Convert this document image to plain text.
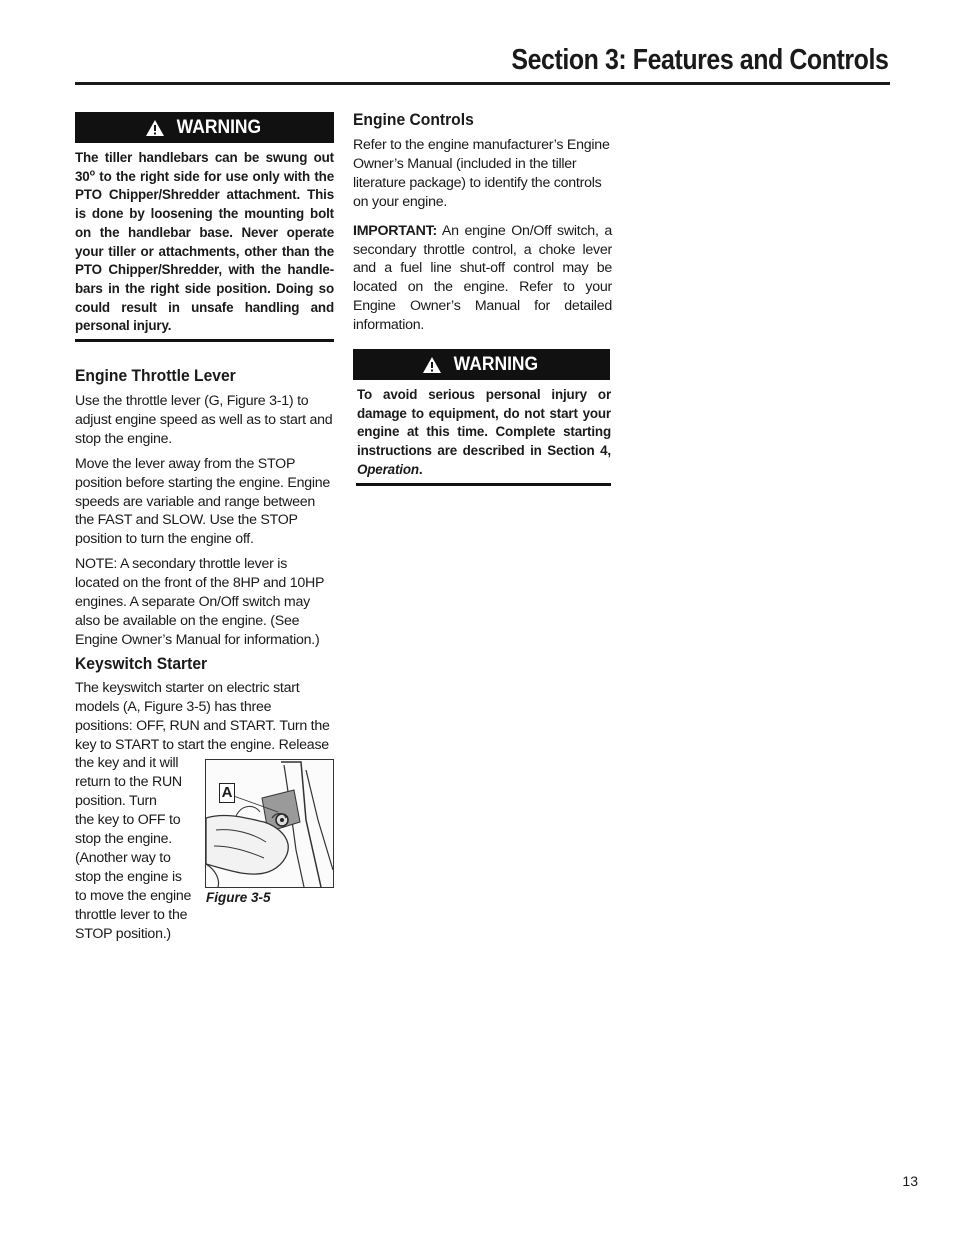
Section 3: Features and Controls
WARNING

The tiller handlebars can be swung out 30$^o$ to the right side for use only with the PTO Chipper/Shredder attachment. This is done by loosening the mounting bolt on the handlebar base. Never operate your tiller or attachments, other than the PTO Chipper/Shredder, with the handle-bars in the right side position. Doing so could result in unsafe handling and personal injury.

Engine Throttle Lever

Use the throttle lever (G, Figure 3-1) to adjust engine speed as well as to start and stop the engine.

Move the lever away from the STOP position before starting the engine. Engine speeds are variable and range between the FAST and SLOW. Use the STOP position to turn the engine off.

NOTE: A secondary throttle lever is located on the front of the 8HP and 10HP engines. A separate On/Off switch may also be available on the engine. (See Engine Owner’s Manual for information.)

Keyswitch Starter
The keyswitch starter on electric start
models (A, Figure 3-5) has three
positions: OFF, RUN and START. Turn the
key to START to start the engine. Release
the key and it will
return to the RUN
position. Turn
the key to OFF to
stop the engine.
(Another way to
stop the engine is
to move the engine
throttle lever to the
STOP position.)
A
Figure 3-5
Engine Controls

Refer to the engine manufacturer’s Engine Owner’s Manual (included in the tiller literature package) to identify the controls on your engine.

IMPORTANT: An engine On/Off switch, a secondary throttle control, a choke lever and a fuel line shut-off control may be located on the engine. Refer to your Engine Owner’s Manual for detailed information.

WARNING

To avoid serious personal injury or damage to equipment, do not start your engine at this time. Complete starting instructions are described in Section 4, Operation.

13
